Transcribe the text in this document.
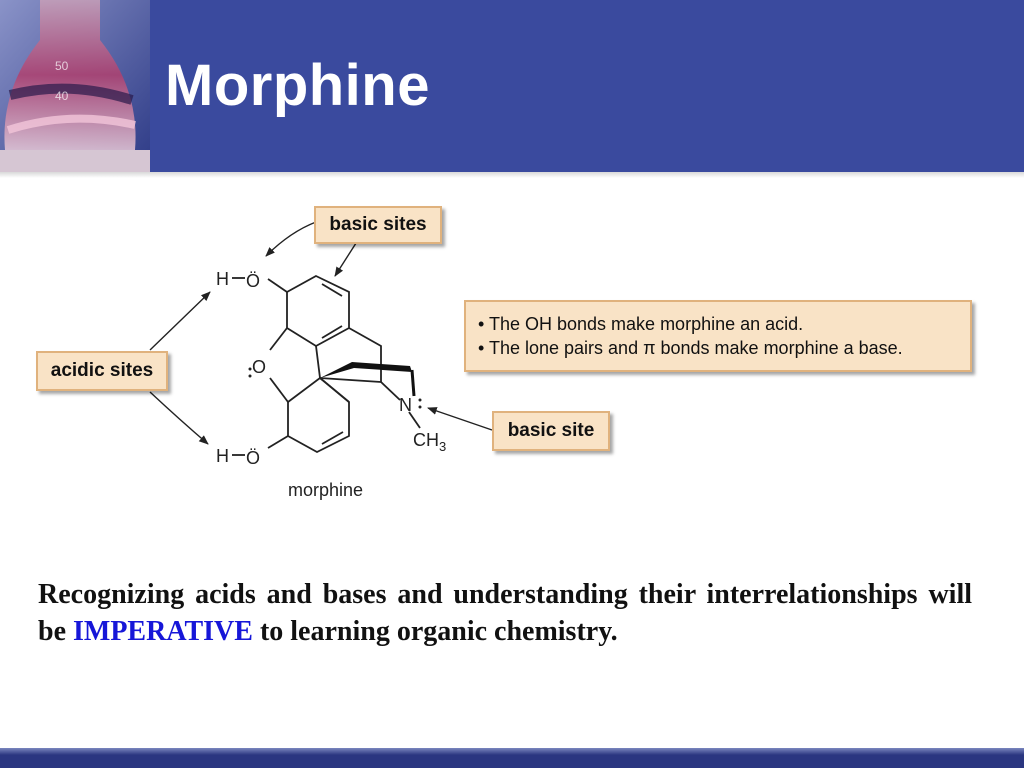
50
40 Morphine
H Ö
O
N
$CH_3$
H Ö
morphine
basic sites
acidic sites
basic site
• The OH bonds make morphine an acid.
• The lone pairs and π bonds make morphine a base.
Recognizing acids and bases and understanding their interrelationships will be IMPERATIVE to learning organic chemistry.
